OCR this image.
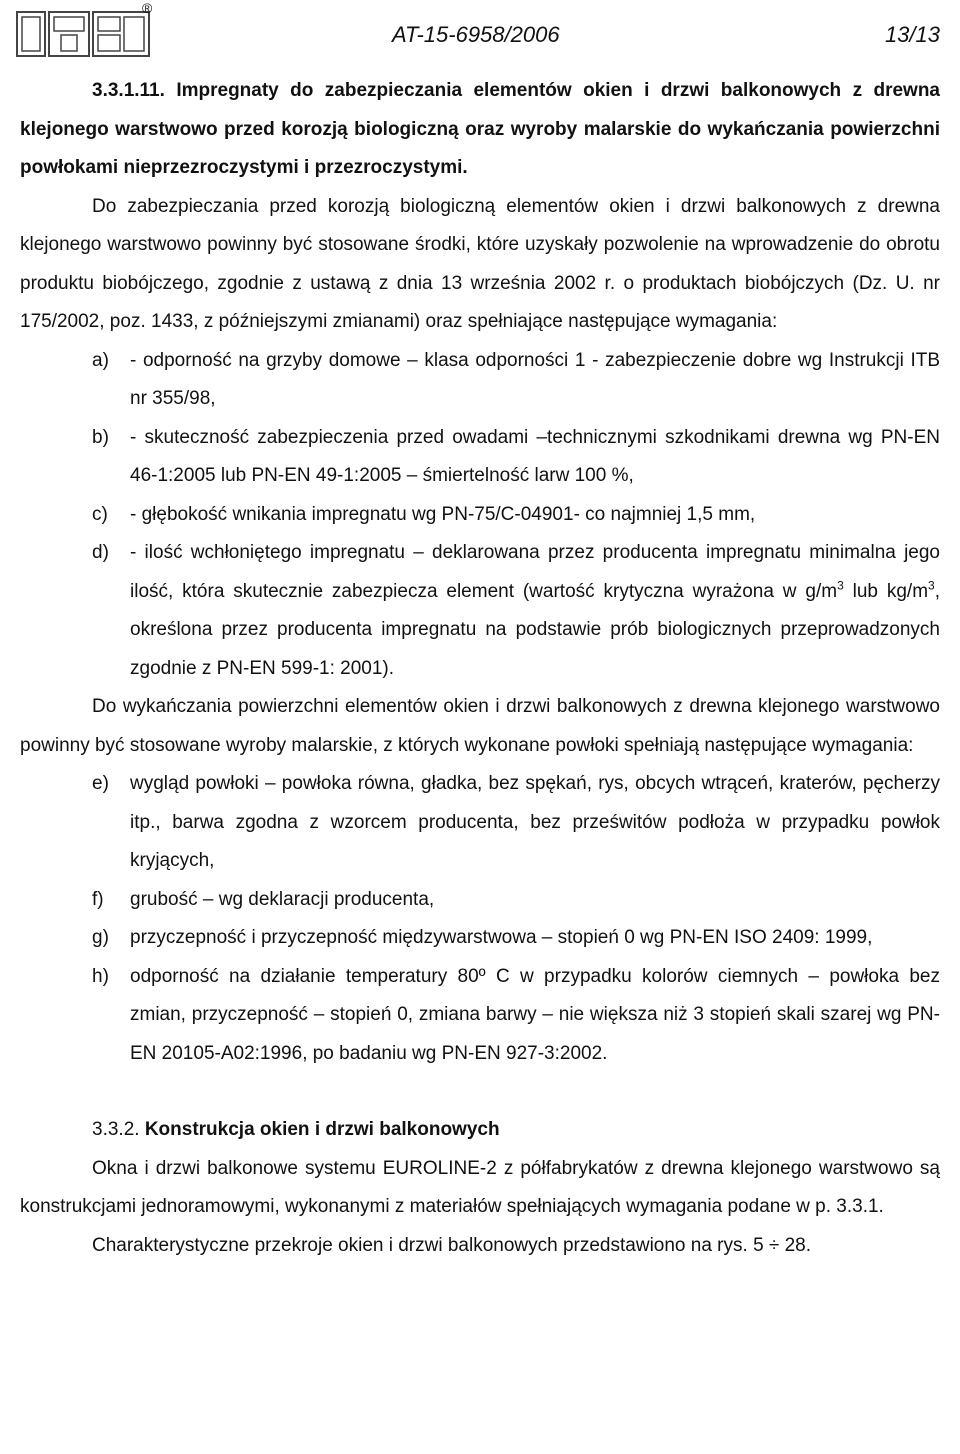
®
AT-15-6958/2006	13/13

3.3.1.11. Impregnaty do zabezpieczania elementów okien i drzwi balkonowych z drewna klejonego warstwowo przed korozją biologiczną oraz wyroby malarskie do wykańczania powierzchni powłokami nieprzezroczystymi i przezroczystymi.

Do zabezpieczania przed korozją biologiczną elementów okien i drzwi balkonowych z drewna klejonego warstwowo powinny być stosowane środki, które uzyskały pozwolenie na wprowadzenie do obrotu produktu biobójczego, zgodnie z ustawą z dnia 13 września 2002 r. o produktach biobójczych (Dz. U. nr 175/2002, poz. 1433, z późniejszymi zmianami) oraz spełniające następujące wymagania:

a) - odporność na grzyby domowe – klasa odporności 1 - zabezpieczenie dobre wg Instrukcji ITB nr 355/98,
b) - skuteczność zabezpieczenia przed owadami –technicznymi szkodnikami drewna wg PN-EN 46-1:2005 lub PN-EN 49-1:2005 – śmiertelność larw 100 %,
c) - głębokość wnikania impregnatu wg PN-75/C-04901- co najmniej 1,5 mm,
d) - ilość wchłoniętego impregnatu – deklarowana przez producenta impregnatu minimalna jego ilość, która skutecznie zabezpiecza element (wartość krytyczna wyrażona w $g/m^3$ lub $kg/m^3$, określona przez producenta impregnatu na podstawie prób biologicznych przeprowadzonych zgodnie z PN-EN 599-1: 2001).

Do wykańczania powierzchni elementów okien i drzwi balkonowych z drewna klejonego warstwowo powinny być stosowane wyroby malarskie, z których wykonane powłoki spełniają następujące wymagania:

e) wygląd powłoki – powłoka równa, gładka, bez spękań, rys, obcych wtrąceń, kraterów, pęcherzy itp., barwa zgodna z wzorcem producenta, bez prześwitów podłoża w przypadku powłok kryjących,
f) grubość – wg deklaracji producenta,
g) przyczepność i przyczepność międzywarstwowa – stopień 0 wg PN-EN ISO 2409: 1999,
h) odporność na działanie temperatury 80º C w przypadku kolorów ciemnych – powłoka bez zmian, przyczepność – stopień 0, zmiana barwy – nie większa niż 3 stopień skali szarej wg PN-EN 20105-A02:1996, po badaniu wg PN-EN 927-3:2002.

3.3.2. Konstrukcja okien i drzwi balkonowych

Okna i drzwi balkonowe systemu EUROLINE-2 z półfabrykatów z drewna klejonego warstwowo są konstrukcjami jednoramowymi, wykonanymi z materiałów spełniających wymagania podane w p. 3.3.1.

Charakterystyczne przekroje okien i drzwi balkonowych przedstawiono na rys. 5 ÷ 28.
